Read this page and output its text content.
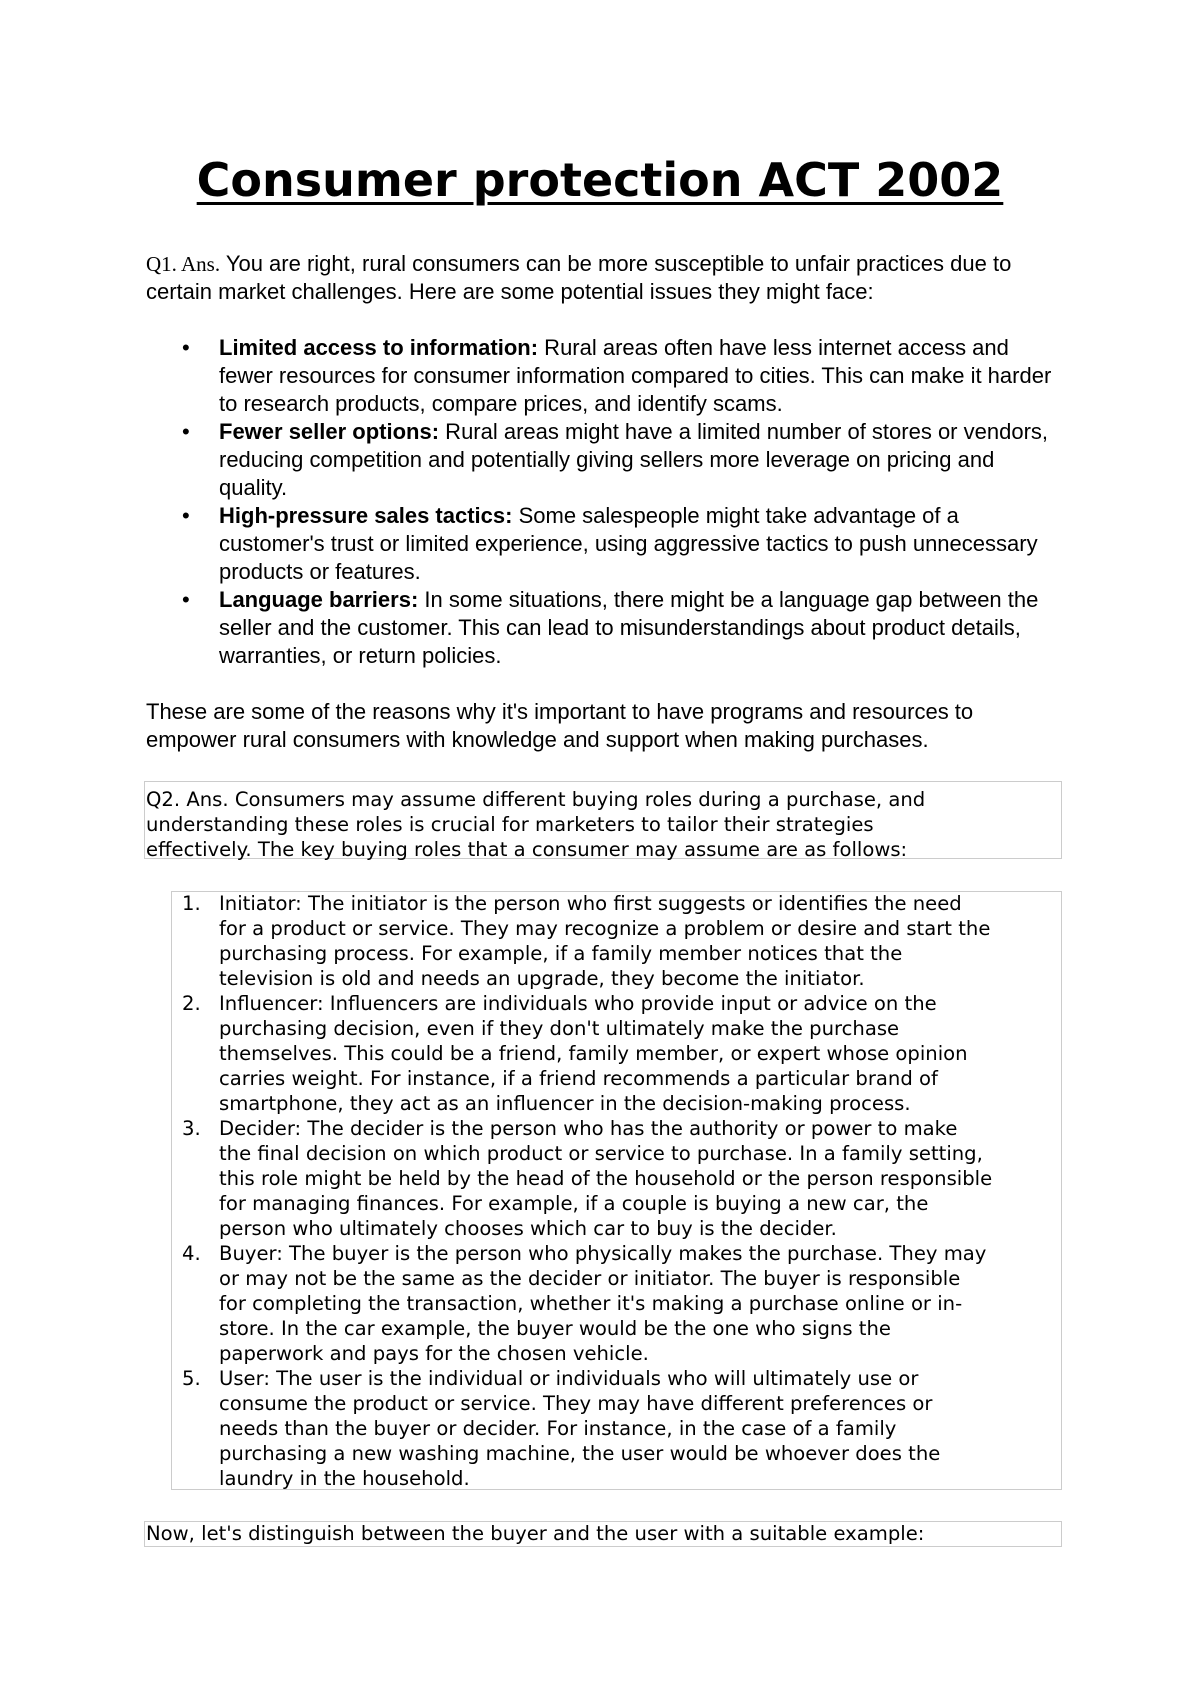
Consumer protection ACT 2002

Q1. Ans. You are right, rural consumers can be more susceptible to unfair practices due to certain market challenges. Here are some potential issues they might face:

• Limited access to information: Rural areas often have less internet access and fewer resources for consumer information compared to cities. This can make it harder to research products, compare prices, and identify scams.
• Fewer seller options: Rural areas might have a limited number of stores or vendors, reducing competition and potentially giving sellers more leverage on pricing and quality.
• High-pressure sales tactics: Some salespeople might take advantage of a customer's trust or limited experience, using aggressive tactics to push unnecessary products or features.
• Language barriers: In some situations, there might be a language gap between the seller and the customer. This can lead to misunderstandings about product details, warranties, or return policies.

These are some of the reasons why it's important to have programs and resources to empower rural consumers with knowledge and support when making purchases.

Q2. Ans. Consumers may assume different buying roles during a purchase, and
understanding these roles is crucial for marketers to tailor their strategies
effectively. The key buying roles that a consumer may assume are as follows:

1. Initiator: The initiator is the person who first suggests or identifies the need
for a product or service. They may recognize a problem or desire and start the
purchasing process. For example, if a family member notices that the
television is old and needs an upgrade, they become the initiator.
2. Influencer: Influencers are individuals who provide input or advice on the
purchasing decision, even if they don't ultimately make the purchase
themselves. This could be a friend, family member, or expert whose opinion
carries weight. For instance, if a friend recommends a particular brand of
smartphone, they act as an influencer in the decision-making process.
3. Decider: The decider is the person who has the authority or power to make
the final decision on which product or service to purchase. In a family setting,
this role might be held by the head of the household or the person responsible
for managing finances. For example, if a couple is buying a new car, the
person who ultimately chooses which car to buy is the decider.
4. Buyer: The buyer is the person who physically makes the purchase. They may
or may not be the same as the decider or initiator. The buyer is responsible
for completing the transaction, whether it's making a purchase online or in-
store. In the car example, the buyer would be the one who signs the
paperwork and pays for the chosen vehicle.
5. User: The user is the individual or individuals who will ultimately use or
consume the product or service. They may have different preferences or
needs than the buyer or decider. For instance, in the case of a family
purchasing a new washing machine, the user would be whoever does the
laundry in the household.

Now, let's distinguish between the buyer and the user with a suitable example:
